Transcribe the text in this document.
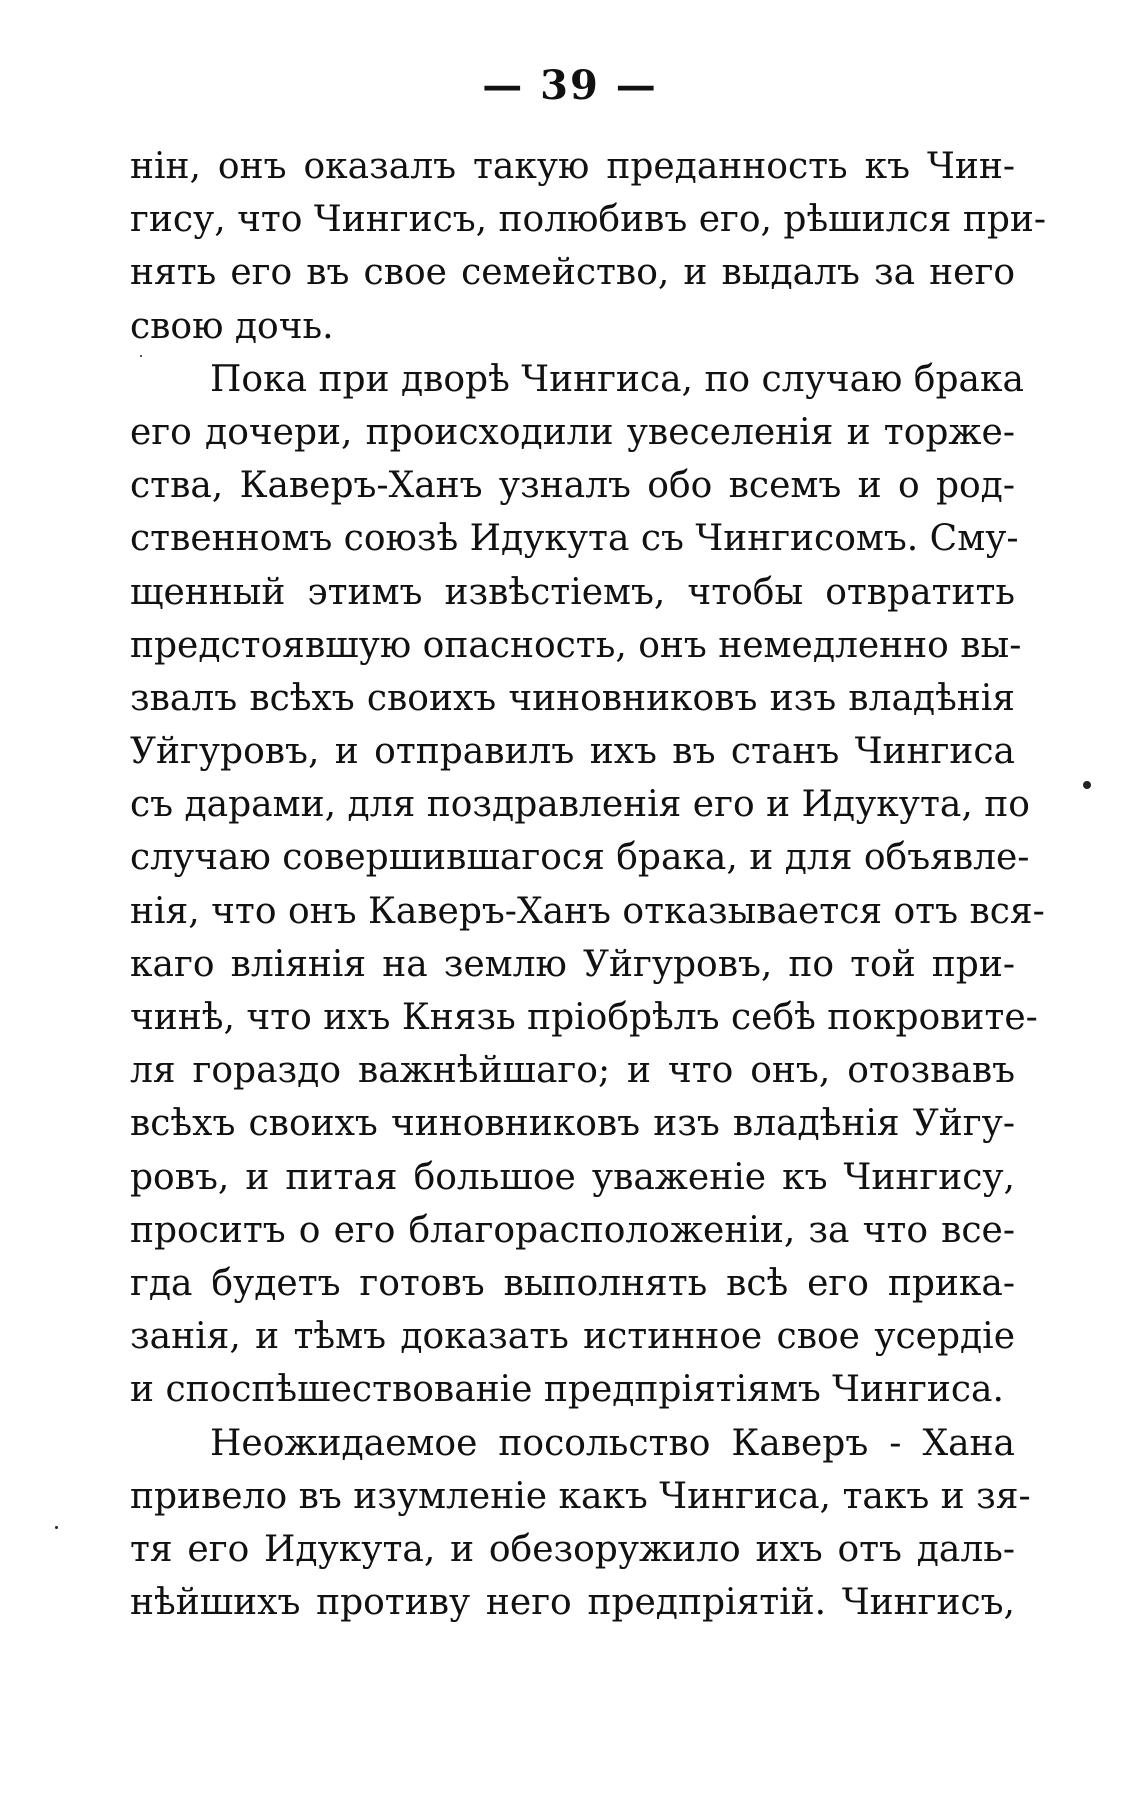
— 39 —
нін, онъ оказалъ такую преданность къ Чин-
гису, что Чингисъ, полюбивъ его, рѣшился при-
нять его въ свое семейство, и выдалъ за него
свою дочь.
Пока при дворѣ Чингиса, по случаю брака
его дочери, происходили увеселенія и торже-
ства, Каверъ-Ханъ узналъ обо всемъ и о род-
ственномъ союзѣ Идукута съ Чингисомъ. Сму-
щенный этимъ извѣстіемъ, чтобы отвратить
предстоявшую опасность, онъ немедленно вы-
звалъ всѣхъ своихъ чиновниковъ изъ владѣнія
Уйгуровъ, и отправилъ ихъ въ станъ Чингиса
съ дарами, для поздравленія его и Идукута, по
случаю совершившагося брака, и для объявле-
нія, что онъ Каверъ-Ханъ отказывается отъ вся-
каго вліянія на землю Уйгуровъ, по той при-
чинѣ, что ихъ Князь пріобрѣлъ себѣ покровите-
ля гораздо важнѣйшаго; и что онъ, отозвавъ
всѣхъ своихъ чиновниковъ изъ владѣнія Уйгу-
ровъ, и питая большое уваженіе къ Чингису,
проситъ о его благорасположеніи, за что все-
гда будетъ готовъ выполнять всѣ его прика-
занія, и тѣмъ доказать истинное свое усердіе
и споспѣшествованіе предпріятіямъ Чингиса.
Неожидаемое посольство Каверъ - Хана
привело въ изумленіе какъ Чингиса, такъ и зя-
тя его Идукута, и обезоружило ихъ отъ даль-
нѣйшихъ противу него предпріятій. Чингисъ,
